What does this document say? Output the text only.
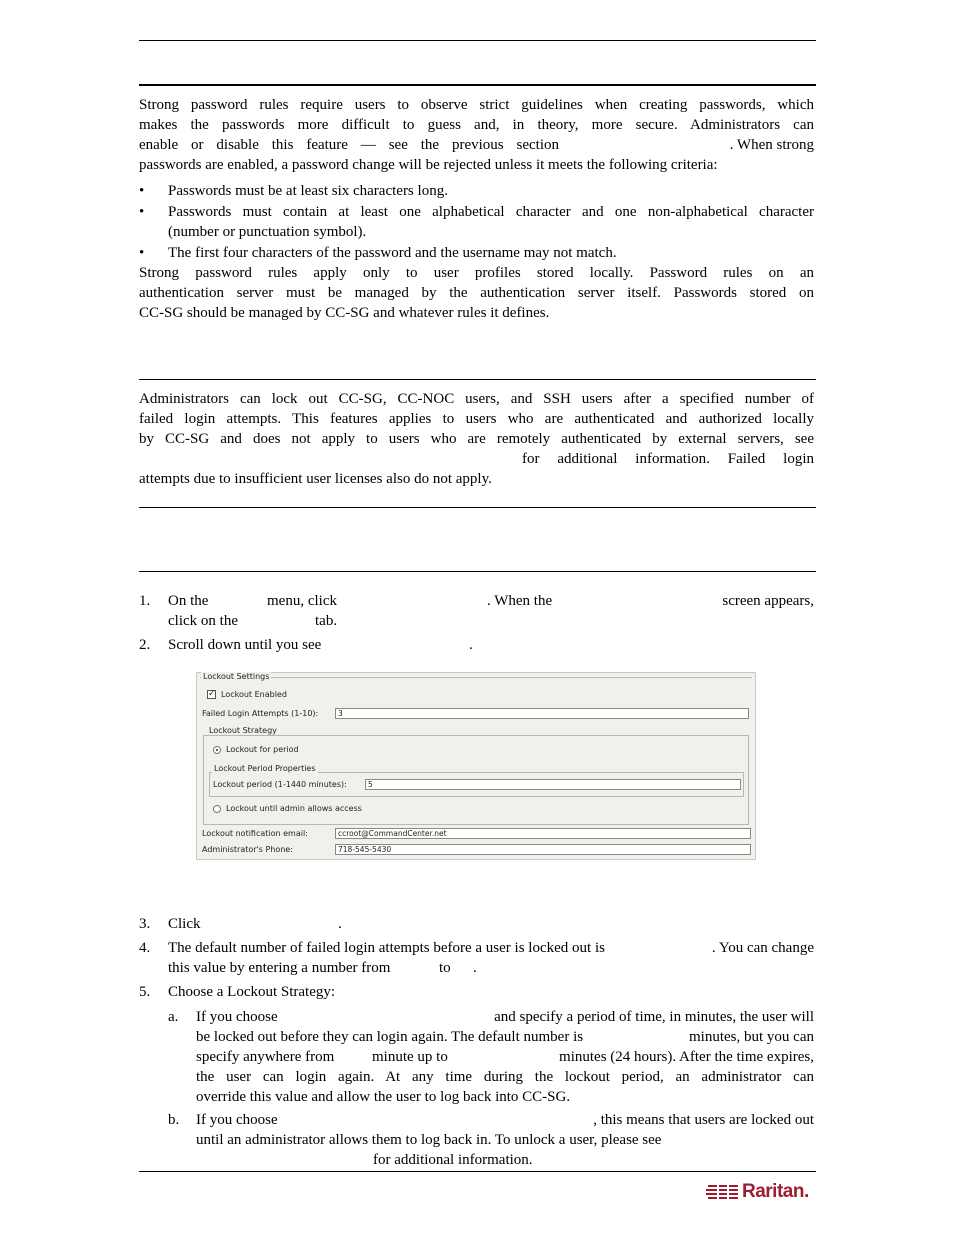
Strong password rules require users to observe strict guidelines when creating passwords, which
makes the passwords more difficult to guess and, in theory, more secure. Administrators can
enable or disable this feature — see the previous section	. When strong
passwords are enabled, a password change will be rejected unless it meets the following criteria:
•	Passwords must be at least six characters long.
•	Passwords must contain at least one alphabetical character and one non-alphabetical character
(number or punctuation symbol).
•	The first four characters of the password and the username may not match.
Strong password rules apply only to user profiles stored locally. Password rules on an
authentication server must be managed by the authentication server itself. Passwords stored on
CC-SG should be managed by CC-SG and whatever rules it defines.
Administrators can lock out CC-SG, CC-NOC users, and SSH users after a specified number of
failed login attempts. This features applies to users who are authenticated and authorized locally
by CC-SG and does not apply to users who are remotely authenticated by external servers, see
for additional information. Failed login
attempts due to insufficient user licenses also do not apply.
1. On the	menu, click	. When the	screen appears,
click on the	tab.
2. Scroll down until you see	.
Lockout Settings
✓ Lockout Enabled
Failed Login Attempts (1-10):	3
Lockout Strategy
Lockout for period
Lockout Period Properties
Lockout period (1-1440 minutes):	5
Lockout until admin allows access
Lockout notification email:	ccroot@CommandCenter.net
Administrator's Phone:	718-545-5430
3. Click	.
4. The default number of failed login attempts before a user is locked out is	. You can change
this value by entering a number from	to .
5. Choose a Lockout Strategy:
a. If you choose	and specify a period of time, in minutes, the user will
be locked out before they can login again. The default number is	minutes, but you can
specify anywhere from	minute up to	minutes (24 hours). After the time expires,
the user can login again. At any time during the lockout period, an administrator can
override this value and allow the user to log back into CC-SG.
b. If you choose	, this means that users are locked out
until an administrator allows them to log back in. To unlock a user, please see
for additional information.
Raritan.
